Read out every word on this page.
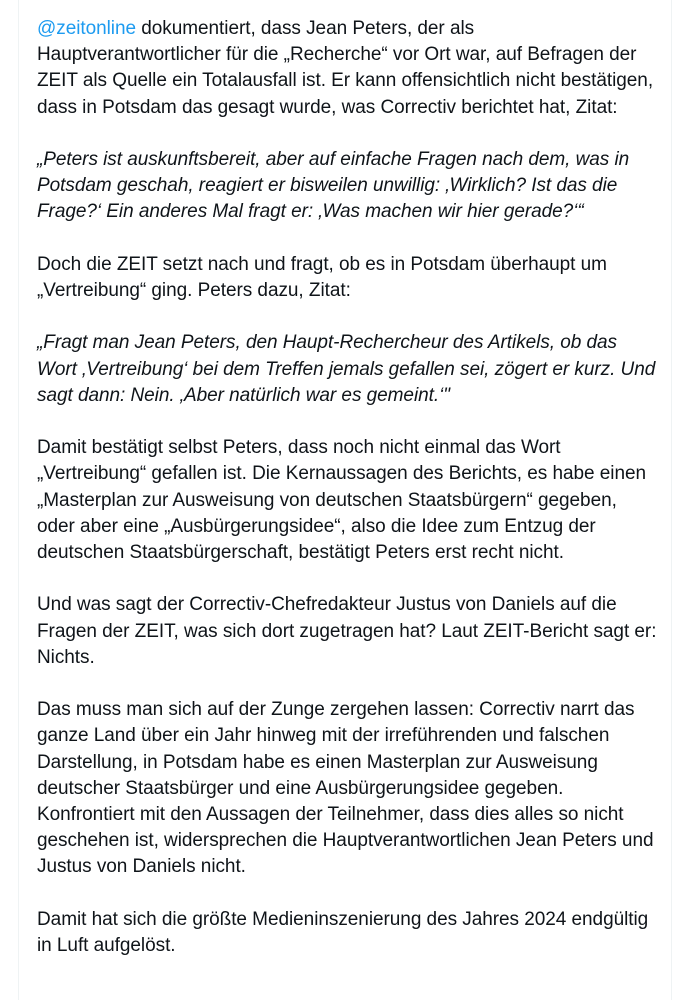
@zeitonline dokumentiert, dass Jean Peters, der als Hauptverantwortlicher für die „Recherche“ vor Ort war, auf Befragen der ZEIT als Quelle ein Totalausfall ist. Er kann offensichtlich nicht bestätigen, dass in Potsdam das gesagt wurde, was Correctiv berichtet hat, Zitat:

„Peters ist auskunftsbereit, aber auf einfache Fragen nach dem, was in Potsdam geschah, reagiert er bisweilen unwillig: ‚Wirklich? Ist das die Frage?‘ Ein anderes Mal fragt er: ‚Was machen wir hier gerade?‘“

Doch die ZEIT setzt nach und fragt, ob es in Potsdam überhaupt um „Vertreibung“ ging. Peters dazu, Zitat:

„Fragt man Jean Peters, den Haupt-Rechercheur des Artikels, ob das Wort ‚Vertreibung‘ bei dem Treffen jemals gefallen sei, zögert er kurz. Und sagt dann: Nein. ‚Aber natürlich war es gemeint.‘"

Damit bestätigt selbst Peters, dass noch nicht einmal das Wort „Vertreibung“ gefallen ist. Die Kernaussagen des Berichts, es habe einen „Masterplan zur Ausweisung von deutschen Staatsbürgern“ gegeben, oder aber eine „Ausbürgerungsidee“, also die Idee zum Entzug der deutschen Staatsbürgerschaft, bestätigt Peters erst recht nicht.

Und was sagt der Correctiv-Chefredakteur Justus von Daniels auf die Fragen der ZEIT, was sich dort zugetragen hat? Laut ZEIT-Bericht sagt er: Nichts.

Das muss man sich auf der Zunge zergehen lassen: Correctiv narrt das ganze Land über ein Jahr hinweg mit der irreführenden und falschen Darstellung, in Potsdam habe es einen Masterplan zur Ausweisung deutscher Staatsbürger und eine Ausbürgerungsidee gegeben. Konfrontiert mit den Aussagen der Teilnehmer, dass dies alles so nicht geschehen ist, widersprechen die Hauptverantwortlichen Jean Peters und Justus von Daniels nicht.

Damit hat sich die größte Medieninszenierung des Jahres 2024 endgültig in Luft aufgelöst.
